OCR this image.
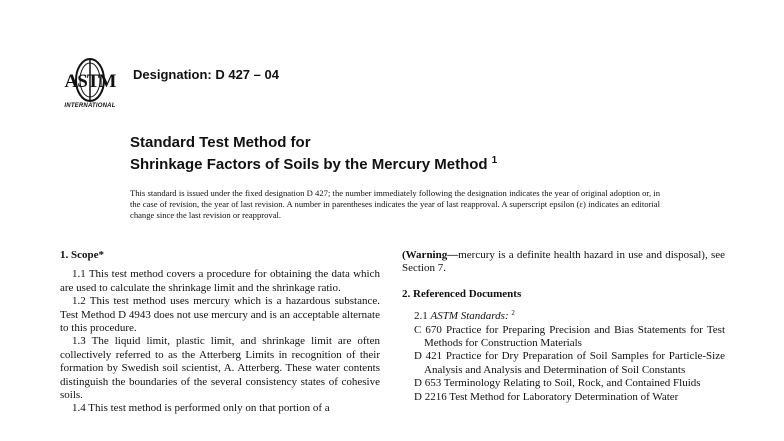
ASTM
INTERNATIONAL
Designation: D 427 – 04
Standard Test Method for
Shrinkage Factors of Soils by the Mercury Method $^1$
This standard is issued under the fixed designation D 427; the number immediately following the designation indicates the year of original adoption or, in the case of revision, the year of last revision. A number in parentheses indicates the year of last reapproval. A superscript epsilon (ε) indicates an editorial change since the last revision or reapproval.
1. Scope*

1.1 This test method covers a procedure for obtaining the data which are used to calculate the shrinkage limit and the shrinkage ratio.

1.2 This test method uses mercury which is a hazardous substance. Test Method D 4943 does not use mercury and is an acceptable alternate to this procedure.

1.3 The liquid limit, plastic limit, and shrinkage limit are often collectively referred to as the Atterberg Limits in recognition of their formation by Swedish soil scientist, A. Atterberg. These water contents distinguish the boundaries of the several consistency states of cohesive soils.

1.4 This test method is performed only on that portion of a

(Warning—mercury is a definite health hazard in use and disposal), see Section 7.

2. Referenced Documents

2.1 ASTM Standards: $^2$

C 670 Practice for Preparing Precision and Bias Statements for Test Methods for Construction Materials

D 421 Practice for Dry Preparation of Soil Samples for Particle-Size Analysis and Analysis and Determination of Soil Constants

D 653 Terminology Relating to Soil, Rock, and Contained Fluids

D 2216 Test Method for Laboratory Determination of Water
